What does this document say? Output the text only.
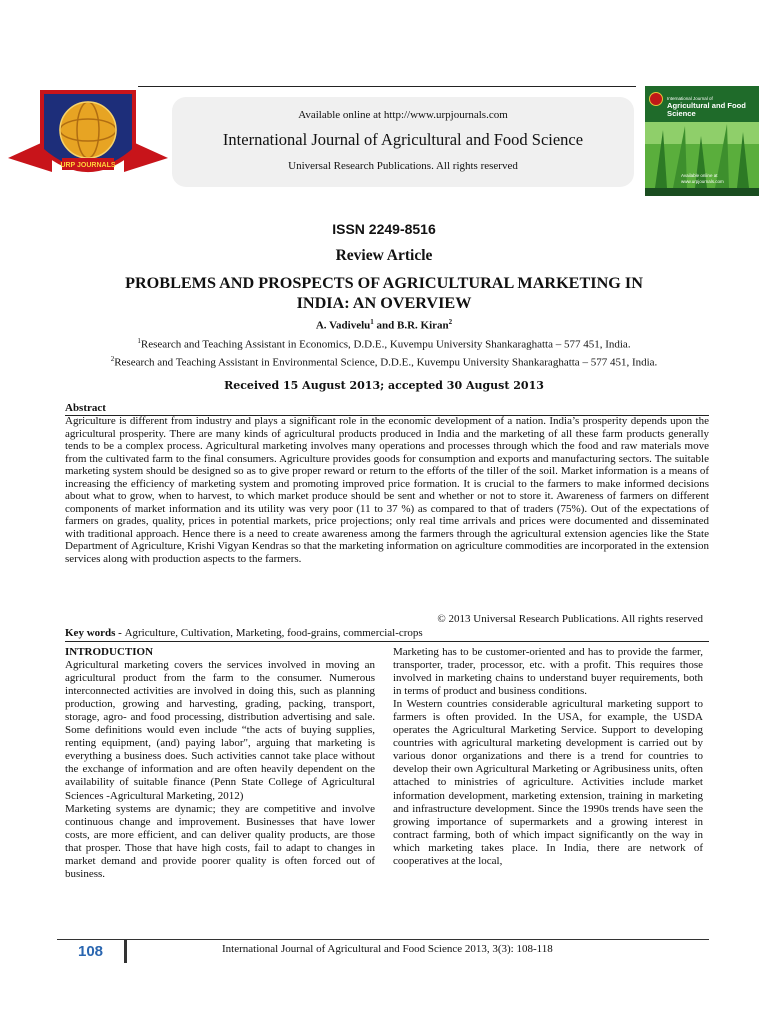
URP JOURNALS
Available online at http://www.urpjournals.com
International Journal of Agricultural and Food Science
Universal Research Publications. All rights reserved
International Journal of
Agricultural and Food Science
Available online at www.urpjournals.com
ISSN 2249-8516
Review Article
PROBLEMS AND PROSPECTS OF AGRICULTURAL MARKETING IN
INDIA: AN OVERVIEW
A. Vadivelu$^1$ and B.R. Kiran$^2$
$^1$Research and Teaching Assistant in Economics, D.D.E., Kuvempu University Shankaraghatta – 577 451, India.
$^2$Research and Teaching Assistant in Environmental Science, D.D.E., Kuvempu University Shankaraghatta – 577 451, India.
Received 15 August 2013; accepted 30 August 2013
Abstract
Agriculture is different from industry and plays a significant role in the economic development of a nation. India’s prosperity depends upon the agricultural prosperity. There are many kinds of agricultural products produced in India and the marketing of all these farm products generally tends to be a complex process. Agricultural marketing involves many operations and processes through which the food and raw materials move from the cultivated farm to the final consumers. Agriculture provides goods for consumption and exports and manufacturing sectors. The suitable marketing system should be designed so as to give proper reward or return to the efforts of the tiller of the soil. Market information is a means of increasing the efficiency of marketing system and promoting improved price formation. It is crucial to the farmers to make informed decisions about what to grow, when to harvest, to which market produce should be sent and whether or not to store it. Awareness of farmers on different components of market information and its utility was very poor (11 to 37 %) as compared to that of traders (75%). Out of the expectations of farmers on grades, quality, prices in potential markets, price projections; only real time arrivals and prices were documented and disseminated with traditional approach. Hence there is a need to create awareness among the farmers through the agricultural extension agencies like the State Department of Agriculture, Krishi Vigyan Kendras so that the marketing information on agriculture commodities are incorporated in the extension services along with production aspects to the farmers.
© 2013 Universal Research Publications. All rights reserved
Key words - Agriculture, Cultivation, Marketing, food-grains, commercial-crops

INTRODUCTION

Agricultural marketing covers the services involved in moving an agricultural product from the farm to the consumer. Numerous interconnected activities are involved in doing this, such as planning production, growing and harvesting, grading, packing, transport, storage, agro- and food processing, distribution advertising and sale. Some definitions would even include “the acts of buying supplies, renting equipment, (and) paying labor", arguing that marketing is everything a business does. Such activities cannot take place without the exchange of information and are often heavily dependent on the availability of suitable finance (Penn State College of Agricultural Sciences -Agricultural Marketing, 2012)

Marketing systems are dynamic; they are competitive and involve continuous change and improvement. Businesses that have lower costs, are more efficient, and can deliver quality products, are those that prosper. Those that have high costs, fail to adapt to changes in market demand and provide poorer quality is often forced out of business.

Marketing has to be customer-oriented and has to provide the farmer, transporter, trader, processor, etc. with a profit. This requires those involved in marketing chains to understand buyer requirements, both in terms of product and business conditions.

In Western countries considerable agricultural marketing support to farmers is often provided. In the USA, for example, the USDA operates the Agricultural Marketing Service. Support to developing countries with agricultural marketing development is carried out by various donor organizations and there is a trend for countries to develop their own Agricultural Marketing or Agribusiness units, often attached to ministries of agriculture. Activities include market information development, marketing extension, training in marketing and infrastructure development. Since the 1990s trends have seen the growing importance of supermarkets and a growing interest in contract farming, both of which impact significantly on the way in which marketing takes place. In India, there are network of cooperatives at the local,

108	International Journal of Agricultural and Food Science 2013, 3(3): 108-118
